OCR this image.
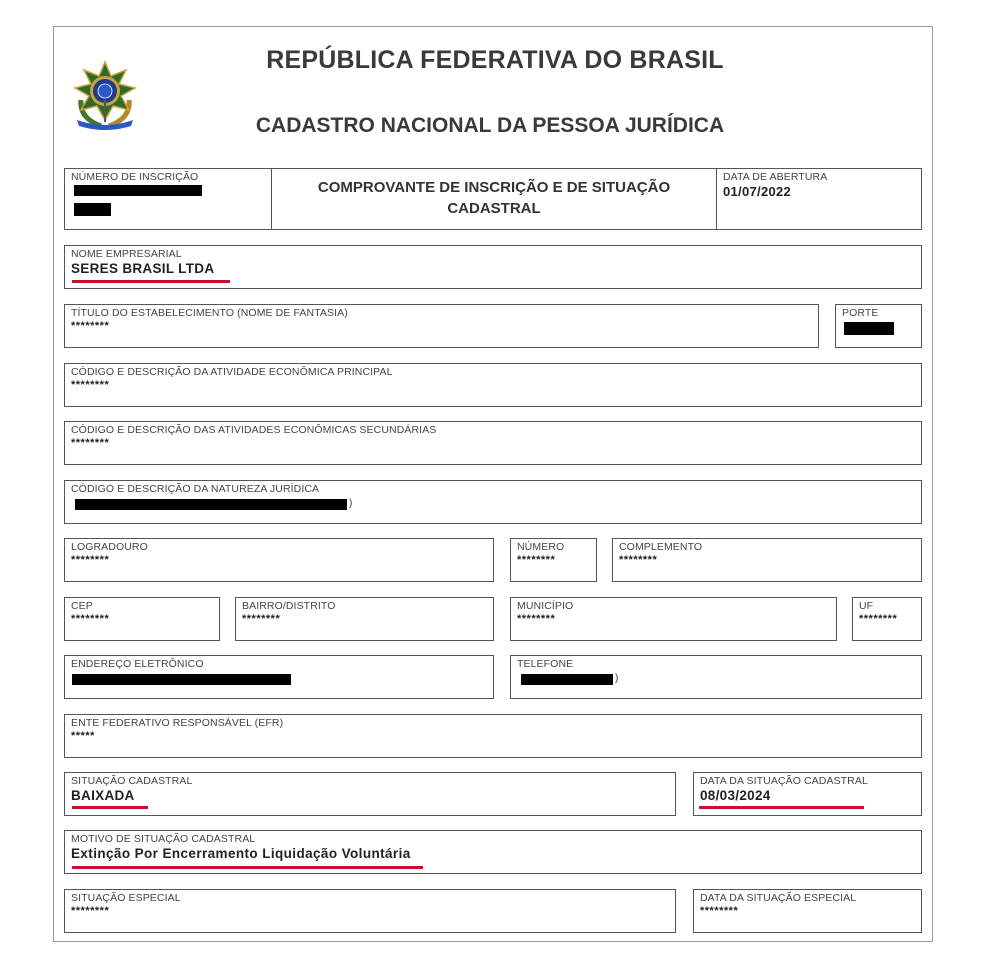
REPÚBLICA FEDERATIVA DO BRASIL
CADASTRO NACIONAL DA PESSOA JURÍDICA
NÚMERO DE INSCRIÇÃO
COMPROVANTE DE INSCRIÇÃO E DE SITUAÇÃO
CADASTRAL
DATA DE ABERTURA
01/07/2022
NOME EMPRESARIAL
SERES BRASIL LTDA
TÍTULO DO ESTABELECIMENTO (NOME DE FANTASIA)
********
PORTE
CÓDIGO E DESCRIÇÃO DA ATIVIDADE ECONÔMICA PRINCIPAL
********
CÓDIGO E DESCRIÇÃO DAS ATIVIDADES ECONÔMICAS SECUNDÁRIAS
********
CÓDIGO E DESCRIÇÃO DA NATUREZA JURÍDICA
)
LOGRADOURO
********
NÚMERO
********
COMPLEMENTO
********
CEP
********
BAIRRO/DISTRITO
********
MUNICÍPIO
********
UF
********
ENDEREÇO ELETRÔNICO	TELEFONE
)
ENTE FEDERATIVO RESPONSÁVEL (EFR)
*****
SITUAÇÃO CADASTRAL
BAIXADA
DATA DA SITUAÇÃO CADASTRAL
08/03/2024
MOTIVO DE SITUAÇÃO CADASTRAL
Extinção Por Encerramento Liquidação Voluntária
SITUAÇÃO ESPECIAL
********
DATA DA SITUAÇÃO ESPECIAL
********
